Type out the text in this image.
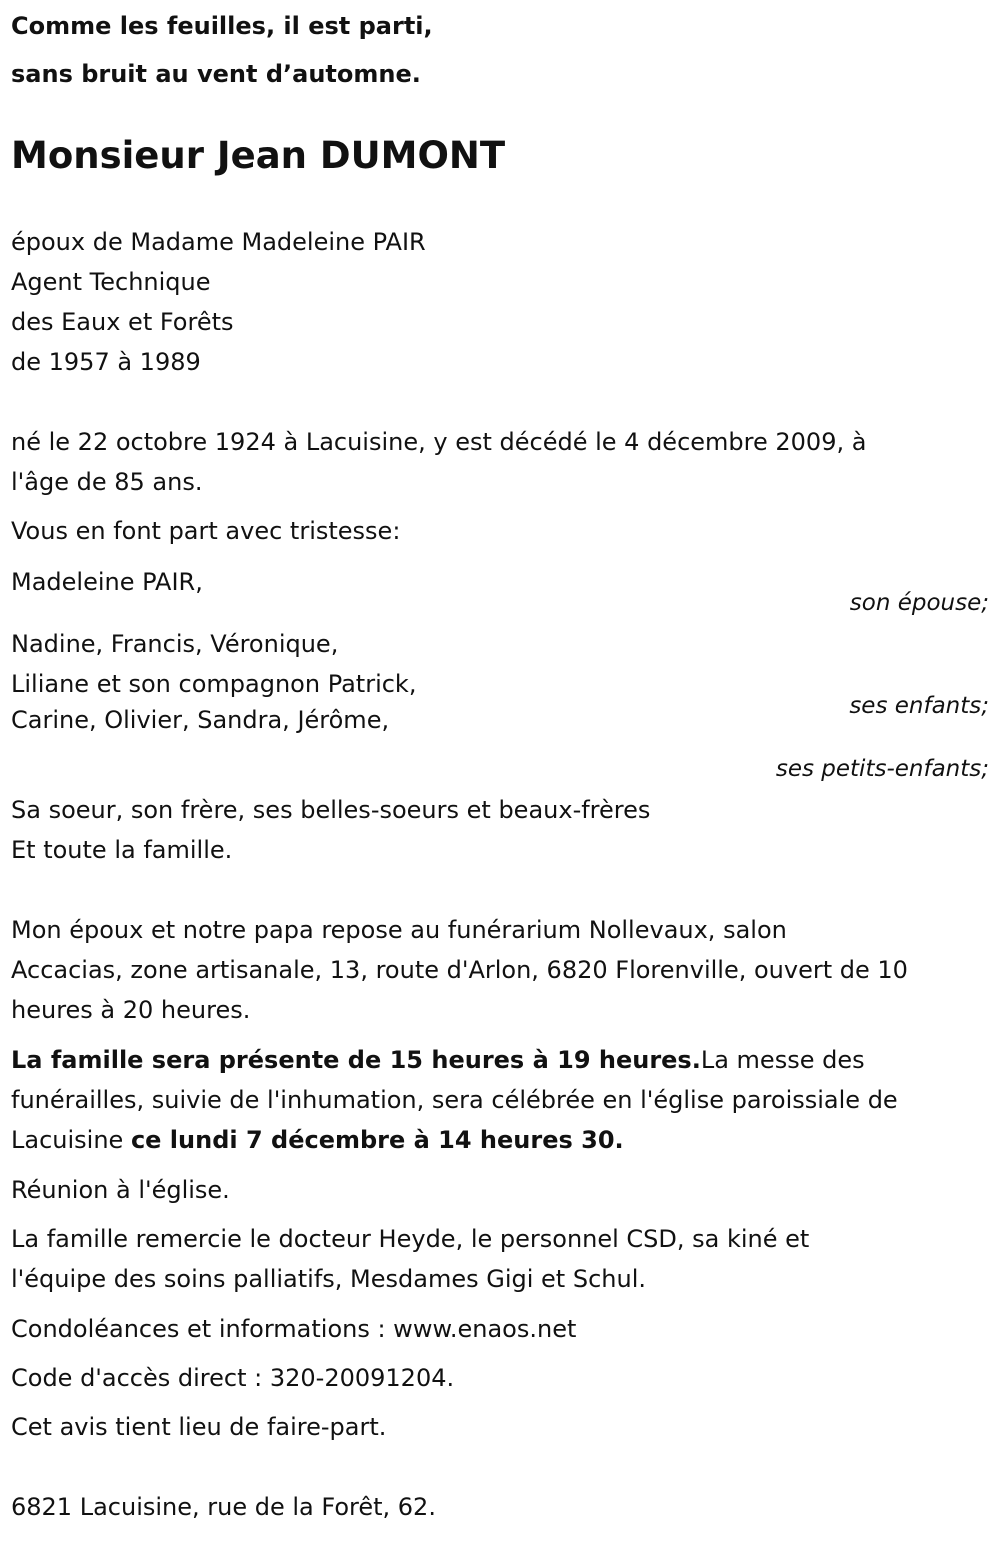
Comme les feuilles, il est parti,
sans bruit au vent d’automne.
Monsieur Jean DUMONT
époux de Madame Madeleine PAIR
Agent Technique
des Eaux et Forêts
de 1957 à 1989
né le 22 octobre 1924 à Lacuisine, y est décédé le 4 décembre 2009, à
l'âge de 85 ans.
Vous en font part avec tristesse:
Madeleine PAIR,
son épouse;
Nadine, Francis, Véronique,
Liliane et son compagnon Patrick,
ses enfants;
Carine, Olivier, Sandra, Jérôme,
ses petits-enfants;
Sa soeur, son frère, ses belles-soeurs et beaux-frères
Et toute la famille.
Mon époux et notre papa repose au funérarium Nollevaux, salon
Accacias, zone artisanale, 13, route d'Arlon, 6820 Florenville, ouvert de 10
heures à 20 heures.
La famille sera présente de 15 heures à 19 heures.La messe des
funérailles, suivie de l'inhumation, sera célébrée en l'église paroissiale de
Lacuisine ce lundi 7 décembre à 14 heures 30.
Réunion à l'église.
La famille remercie le docteur Heyde, le personnel CSD, sa kiné et
l'équipe des soins palliatifs, Mesdames Gigi et Schul.
Condoléances et informations : www.enaos.net
Code d'accès direct : 320-20091204.
Cet avis tient lieu de faire-part.
6821 Lacuisine, rue de la Forêt, 62.
